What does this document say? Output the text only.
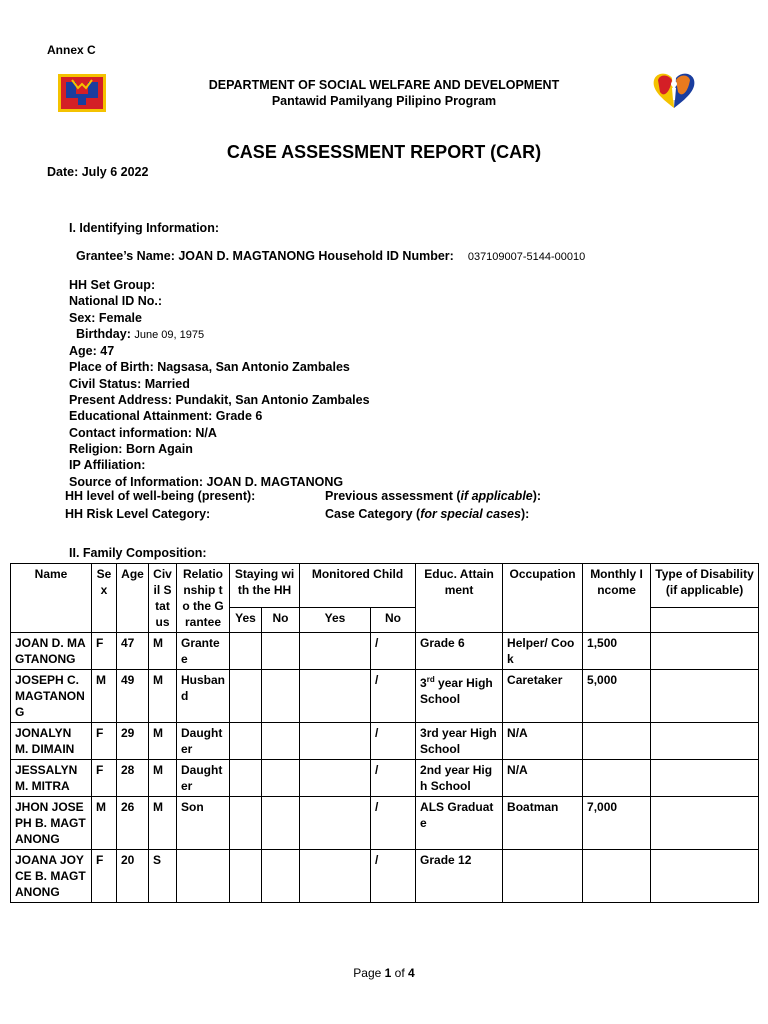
Annex C
DEPARTMENT OF SOCIAL WELFARE AND DEVELOPMENT
Pantawid Pamilyang Pilipino Program
CASE ASSESSMENT REPORT (CAR)
Date: July 6 2022
I. Identifying Information:
Grantee’s Name: JOAN D. MAGTANONG Household ID Number: 037109007-5144-00010
HH Set Group:
National ID No.:
Sex: Female
Birthday: June 09, 1975
Age: 47
Place of Birth: Nagsasa, San Antonio Zambales
Civil Status: Married
Present Address: Pundakit, San Antonio Zambales
Educational Attainment: Grade 6
Contact information: N/A
Religion: Born Again
IP Affiliation:
Source of Information: JOAN D. MAGTANONG
HH level of well-being (present):	Previous assessment (if applicable):
HH Risk Level Category:	Case Category (for special cases):
II. Family Composition:
Name	Sex	Age	Civil Status	Relationship to the Grantee	Staying with the HH		Monitored Child		Educ. Attainment	Occupation	Monthly Income	Type of Disability (if applicable)
					Yes	No	Yes	No				
JOAN D. MAGTANONG	F	47	M	Grantee				/	Grade 6	Helper/ Cook	1,500	
JOSEPH C. MAGTANONG	M	49	M	Husband				/	3rd year High School	Caretaker	5,000	
JONALYN M. DIMAIN	F	29	M	Daughter				/	3rd year High School	N/A		
JESSALYN M. MITRA	F	28	M	Daughter				/	2nd year High School	N/A		
JHON JOSEPH B. MAGTANONG	M	26	M	Son				/	ALS Graduate	Boatman	7,000	
JOANA JOYCE B. MAGTANONG	F	20	S					/	Grade 12			
Page 1 of 4
